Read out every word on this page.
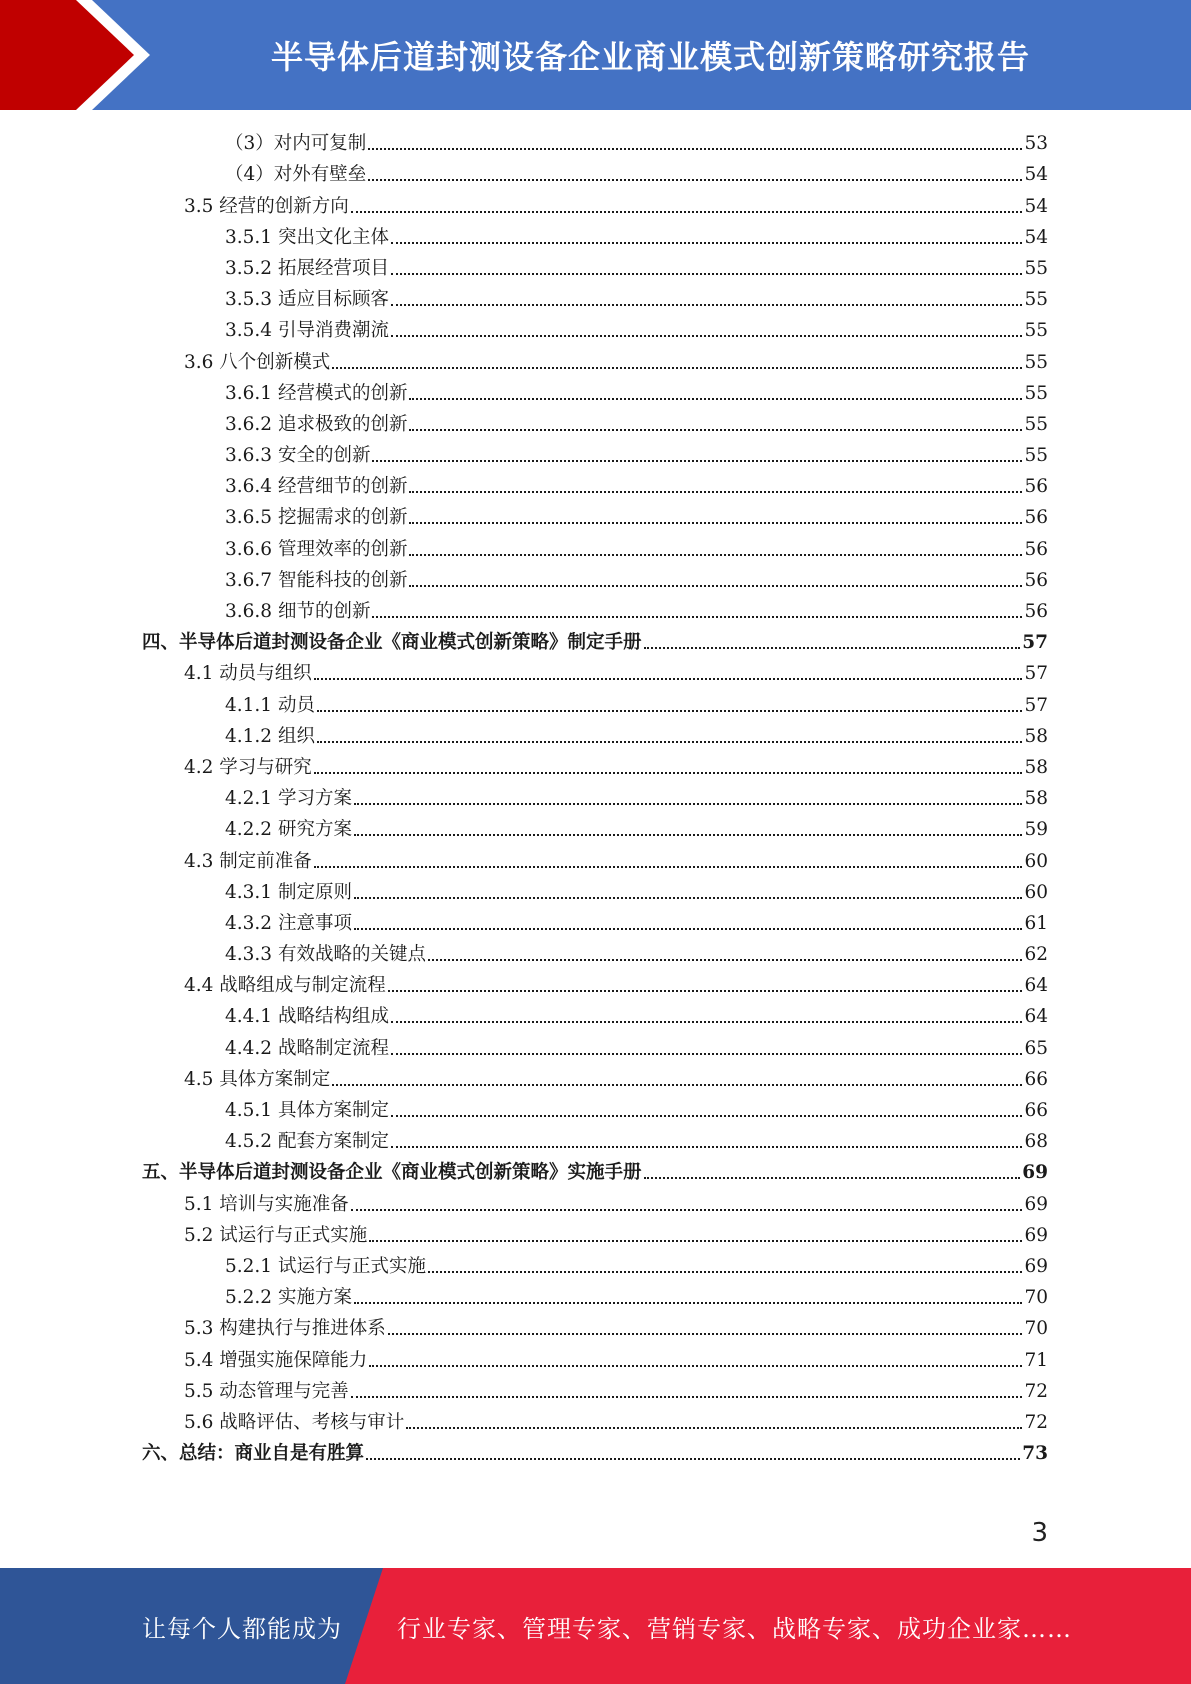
半导体后道封测设备企业商业模式创新策略研究报告
（3）对内可复制	53
（4）对外有壁垒	54
3.5 经营的创新方向	54
3.5.1 突出文化主体	54
3.5.2 拓展经营项目	55
3.5.3 适应目标顾客	55
3.5.4 引导消费潮流	55
3.6 八个创新模式	55
3.6.1 经营模式的创新	55
3.6.2 追求极致的创新	55
3.6.3 安全的创新	55
3.6.4 经营细节的创新	56
3.6.5 挖掘需求的创新	56
3.6.6 管理效率的创新	56
3.6.7 智能科技的创新	56
3.6.8 细节的创新	56
四、半导体后道封测设备企业《商业模式创新策略》制定手册	57
4.1 动员与组织	57
4.1.1 动员	57
4.1.2 组织	58
4.2 学习与研究	58
4.2.1 学习方案	58
4.2.2 研究方案	59
4.3 制定前准备	60
4.3.1 制定原则	60
4.3.2 注意事项	61
4.3.3 有效战略的关键点	62
4.4 战略组成与制定流程	64
4.4.1 战略结构组成	64
4.4.2 战略制定流程	65
4.5 具体方案制定	66
4.5.1 具体方案制定	66
4.5.2 配套方案制定	68
五、半导体后道封测设备企业《商业模式创新策略》实施手册	69
5.1 培训与实施准备	69
5.2 试运行与正式实施	69
5.2.1 试运行与正式实施	69
5.2.2 实施方案	70
5.3 构建执行与推进体系	70
5.4 增强实施保障能力	71
5.5 动态管理与完善	72
5.6 战略评估、考核与审计	72
六、总结：商业自是有胜算	73
3
让每个人都能成为 行业专家、管理专家、营销专家、战略专家、成功企业家……
